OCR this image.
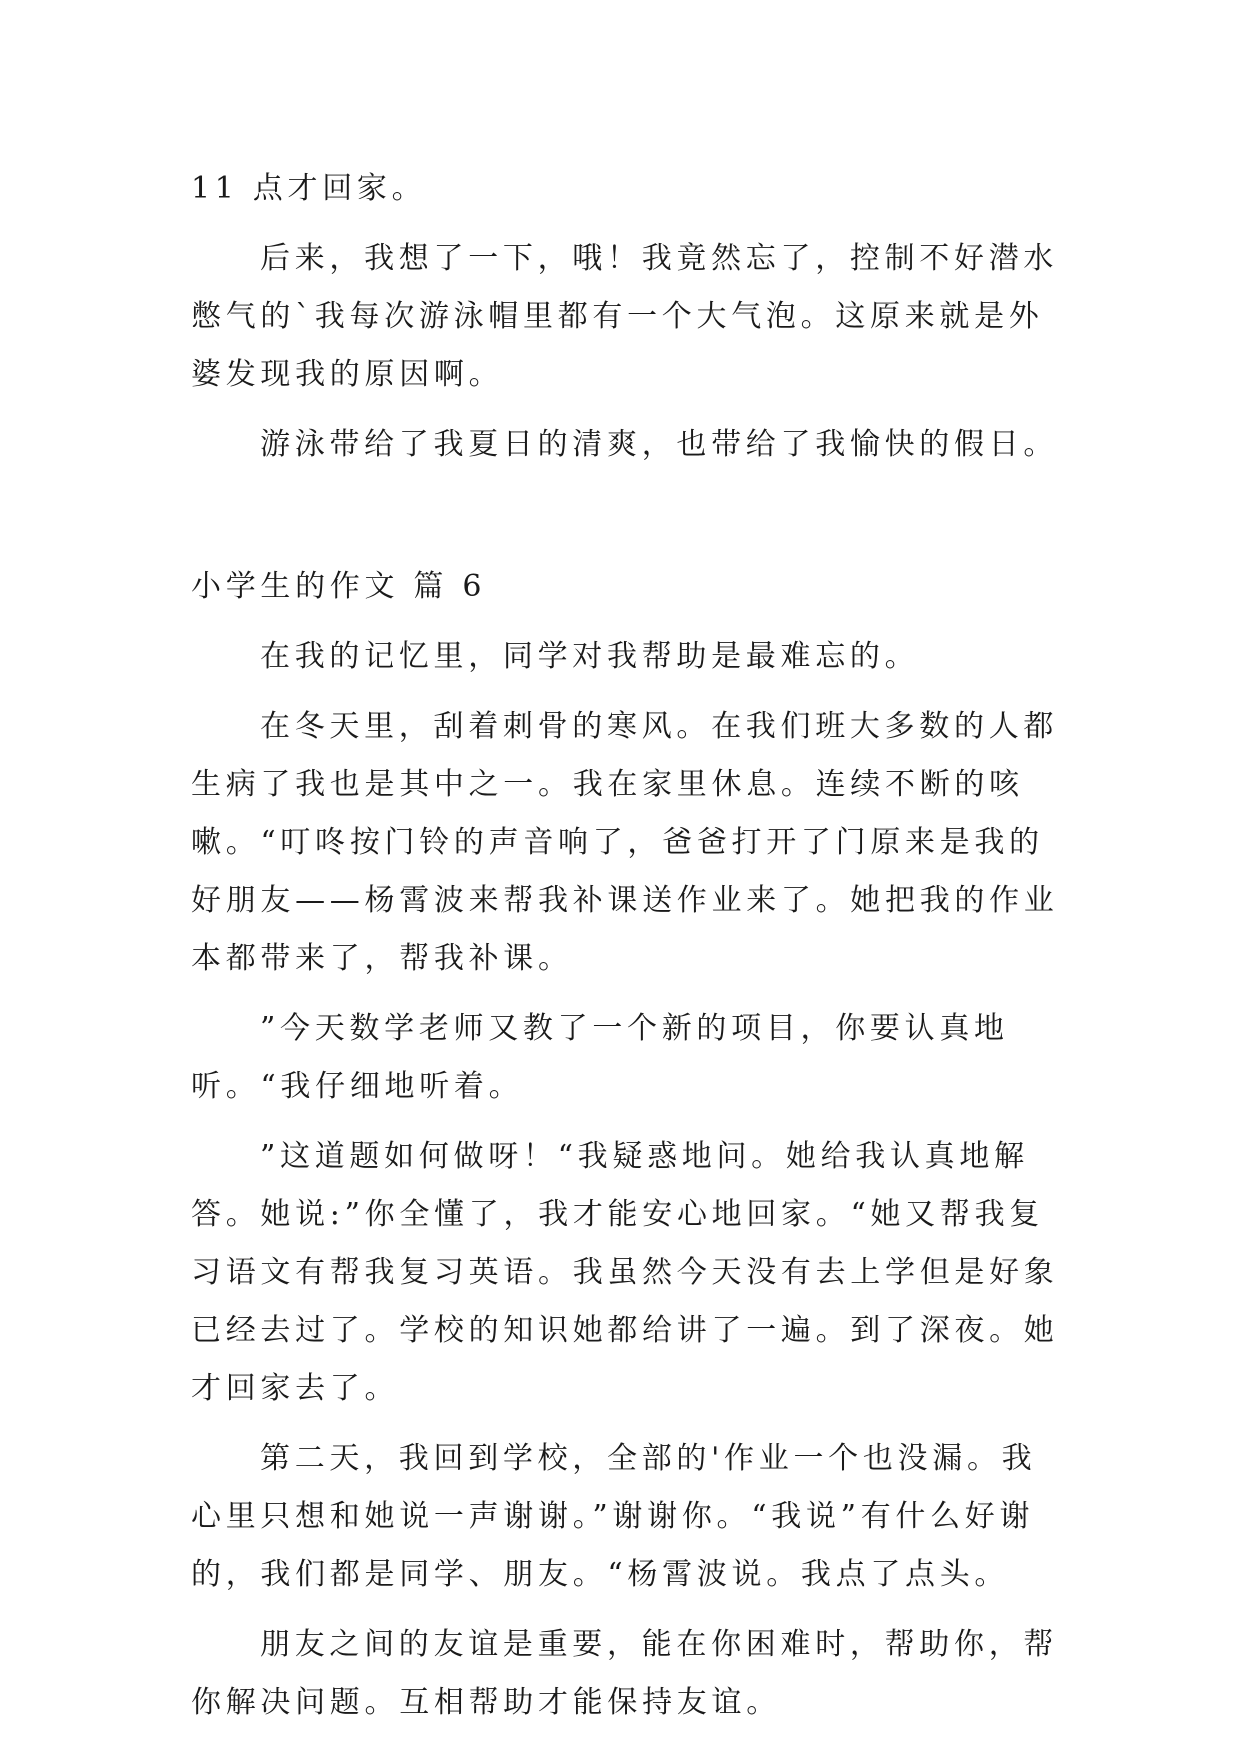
11 点才回家。

后来，我想了一下，哦！我竟然忘了，控制不好潜水憋气的`我每次游泳帽里都有一个大气泡。这原来就是外婆发现我的原因啊。

游泳带给了我夏日的清爽，也带给了我愉快的假日。

小学生的作文 篇 6

在我的记忆里，同学对我帮助是最难忘的。

在冬天里，刮着刺骨的寒风。在我们班大多数的人都生病了我也是其中之一。我在家里休息。连续不断的咳嗽。“叮咚按门铃的声音响了，爸爸打开了门原来是我的好朋友——杨霄波来帮我补课送作业来了。她把我的作业本都带来了，帮我补课。

”今天数学老师又教了一个新的项目，你要认真地听。“我仔细地听着。

”这道题如何做呀！“我疑惑地问。她给我认真地解答。她说:”你全懂了，我才能安心地回家。“她又帮我复习语文有帮我复习英语。我虽然今天没有去上学但是好象已经去过了。学校的知识她都给讲了一遍。到了深夜。她才回家去了。

第二天，我回到学校，全部的'作业一个也没漏。我心里只想和她说一声谢谢。”谢谢你。“我说”有什么好谢的，我们都是同学、朋友。“杨霄波说。我点了点头。

朋友之间的友谊是重要，能在你困难时，帮助你，帮你解决问题。互相帮助才能保持友谊。
